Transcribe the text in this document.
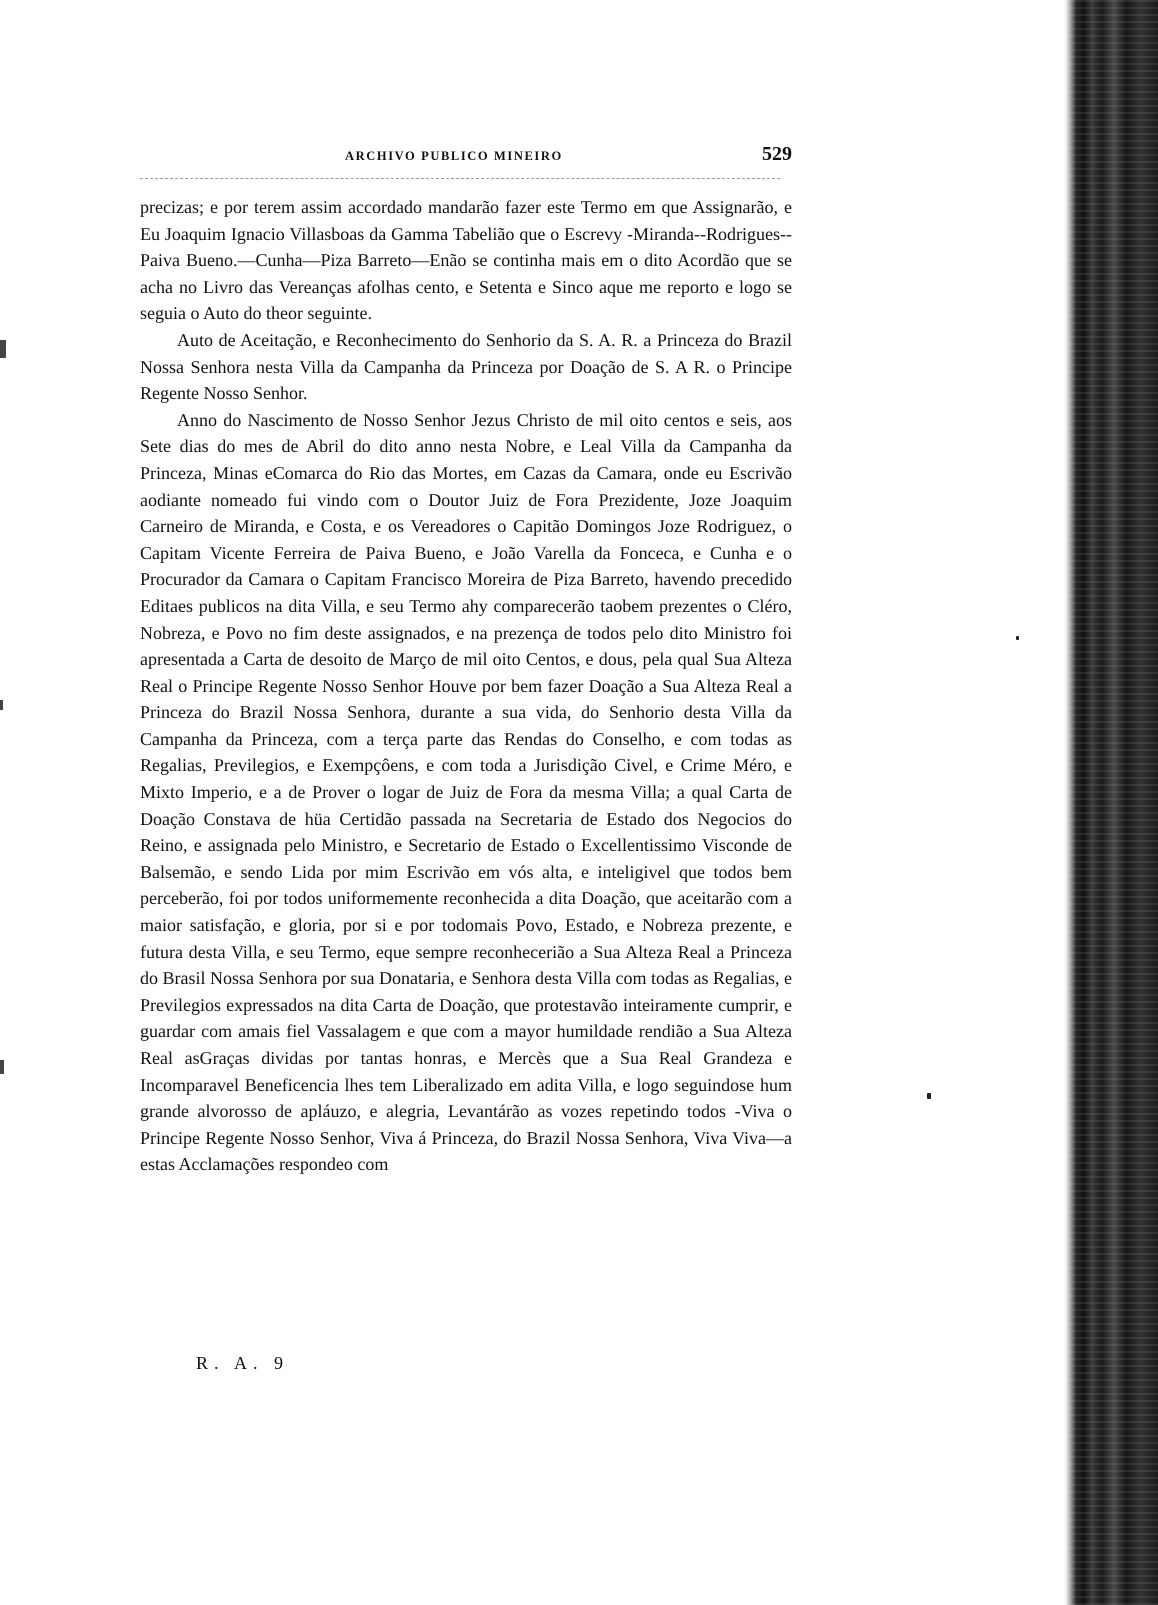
ARCHIVO PUBLICO MINEIRO	529

precizas; e por terem assim accordado mandarão fazer este Termo em que Assignarão, e Eu Joaquim Ignacio Villasboas da Gamma Tabelião que o Escrevy -Miranda--Rodrigues--Paiva Bueno.—Cunha—Piza Barreto—Enão se continha mais em o dito Acordão que se acha no Livro das Vereanças afolhas cento, e Setenta e Sinco aque me reporto e logo se seguia o Auto do theor seguinte.

Auto de Aceitação, e Reconhecimento do Senhorio da S. A. R. a Princeza do Brazil Nossa Senhora nesta Villa da Campanha da Princeza por Doação de S. A R. o Principe Regente Nosso Senhor.

Anno do Nascimento de Nosso Senhor Jezus Christo de mil oito centos e seis, aos Sete dias do mes de Abril do dito anno nesta Nobre, e Leal Villa da Campanha da Princeza, Minas eComarca do Rio das Mortes, em Cazas da Camara, onde eu Escrivão aodiante nomeado fui vindo com o Doutor Juiz de Fora Prezidente, Joze Joaquim Carneiro de Miranda, e Costa, e os Vereadores o Capitão Domingos Joze Rodriguez, o Capitam Vicente Ferreira de Paiva Bueno, e João Varella da Fonceca, e Cunha e o Procurador da Camara o Capitam Francisco Moreira de Piza Barreto, havendo precedido Editaes publicos na dita Villa, e seu Termo ahy comparecerão taobem prezentes o Cléro, Nobreza, e Povo no fim deste assignados, e na prezença de todos pelo dito Ministro foi apresentada a Carta de desoito de Março de mil oito Centos, e dous, pela qual Sua Alteza Real o Principe Regente Nosso Senhor Houve por bem fazer Doação a Sua Alteza Real a Princeza do Brazil Nossa Senhora, durante a sua vida, do Senhorio desta Villa da Campanha da Princeza, com a terça parte das Rendas do Conselho, e com todas as Regalias, Previlegios, e Exempçôens, e com toda a Jurisdição Civel, e Crime Méro, e Mixto Imperio, e a de Prover o logar de Juiz de Fora da mesma Villa; a qual Carta de Doação Constava de hüa Certidão passada na Secretaria de Estado dos Negocios do Reino, e assignada pelo Ministro, e Secretario de Estado o Excellentissimo Visconde de Balsemão, e sendo Lida por mim Escrivão em vós alta, e inteligivel que todos bem perceberão, foi por todos uniformemente reconhecida a dita Doação, que aceitarão com a maior satisfação, e gloria, por si e por todomais Povo, Estado, e Nobreza prezente, e futura desta Villa, e seu Termo, eque sempre reconhecerião a Sua Alteza Real a Princeza do Brasil Nossa Senhora por sua Donataria, e Senhora desta Villa com todas as Regalias, e Previlegios expressados na dita Carta de Doação, que protestavão inteiramente cumprir, e guardar com amais fiel Vassalagem e que com a mayor humildade rendião a Sua Alteza Real asGraças dividas por tantas honras, e Mercès que a Sua Real Grandeza e Incomparavel Beneficencia lhes tem Liberalizado em adita Villa, e logo seguindose hum grande alvorosso de apláuzo, e alegria, Levantárão as vozes repetindo todos -Viva o Principe Regente Nosso Senhor, Viva á Princeza, do Brazil Nossa Senhora, Viva Viva—a estas Acclamações respondeo com

R. A. 9
